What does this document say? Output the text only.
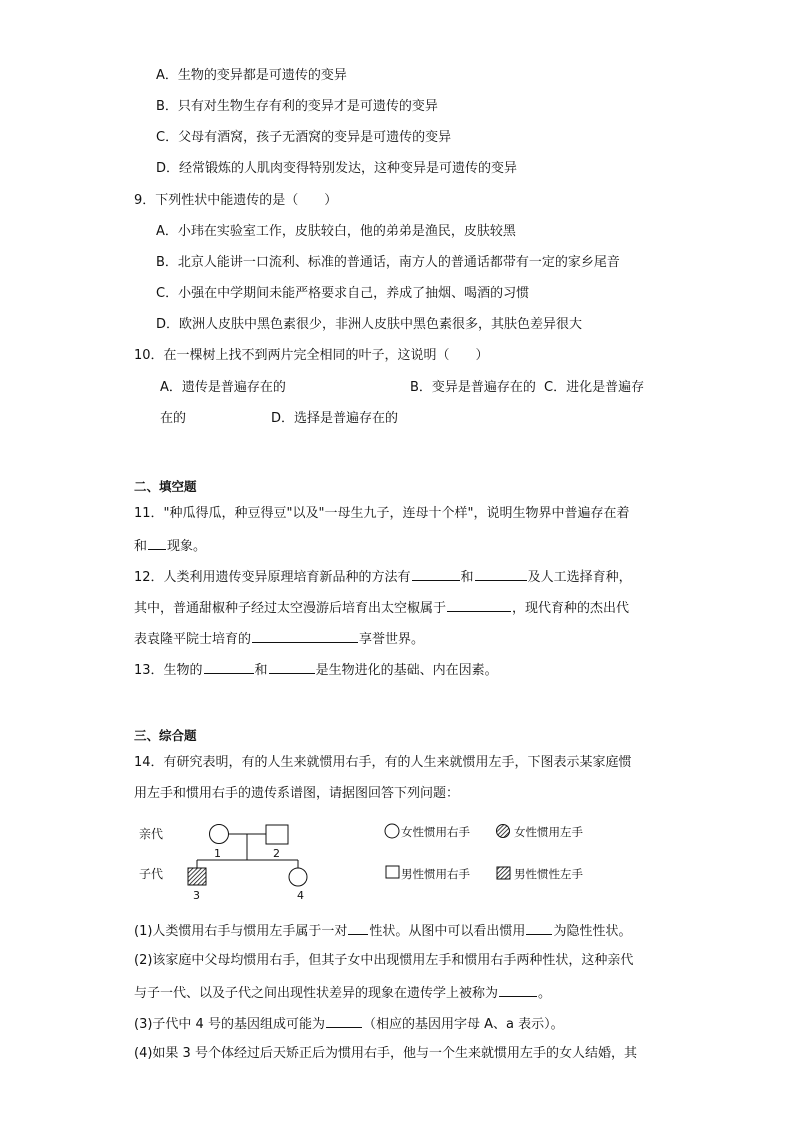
A．生物的变异都是可遗传的变异
B．只有对生物生存有利的变异才是可遗传的变异
C．父母有酒窝，孩子无酒窝的变异是可遗传的变异
D．经常锻炼的人肌肉变得特别发达，这种变异是可遗传的变异
9．下列性状中能遗传的是（　　）
A．小玮在实验室工作，皮肤较白，他的弟弟是渔民，皮肤较黑
B．北京人能讲一口流利、标准的普通话，南方人的普通话都带有一定的家乡尾音
C．小强在中学期间未能严格要求自己，养成了抽烟、喝酒的习惯
D．欧洲人皮肤中黑色素很少，非洲人皮肤中黑色素很多，其肤色差异很大
10．在一棵树上找不到两片完全相同的叶子，这说明（　　）
A．遗传是普遍存在的	B．变异是普遍存在的 C．进化是普遍存
在的	D．选择是普遍存在的
二、填空题
11．"种瓜得瓜，种豆得豆"以及"一母生九子，连母十个样"，说明生物界中普遍存在着
和 现象。
12．人类利用遗传变异原理培育新品种的方法有	和	及人工选择育种，
其中，普通甜椒种子经过太空漫游后培育出太空椒属于	，现代育种的杰出代
表袁隆平院士培育的	享誉世界。
13．生物的	和	是生物进化的基础、内在因素。
三、综合题
14．有研究表明，有的人生来就惯用右手，有的人生来就惯用左手，下图表示某家庭惯
用左手和惯用右手的遗传系谱图，请据图回答下列问题：
亲代
子代
1	2
3	4
女性惯用右手	女性惯用左手
男性惯用右手	男性惯性左手
(1)人类惯用右手与惯用左手属于一对 性状。从图中可以看出惯用 为隐性性状。
(2)该家庭中父母均惯用右手，但其子女中出现惯用左手和惯用右手两种性状，这种亲代
与子一代、以及子代之间出现性状差异的现象在遗传学上被称为	。
(3)子代中 4 号的基因组成可能为	（相应的基因用字母 A、a 表示）。
(4)如果 3 号个体经过后天矫正后为惯用右手，他与一个生来就惯用左手的女人结婚，其
